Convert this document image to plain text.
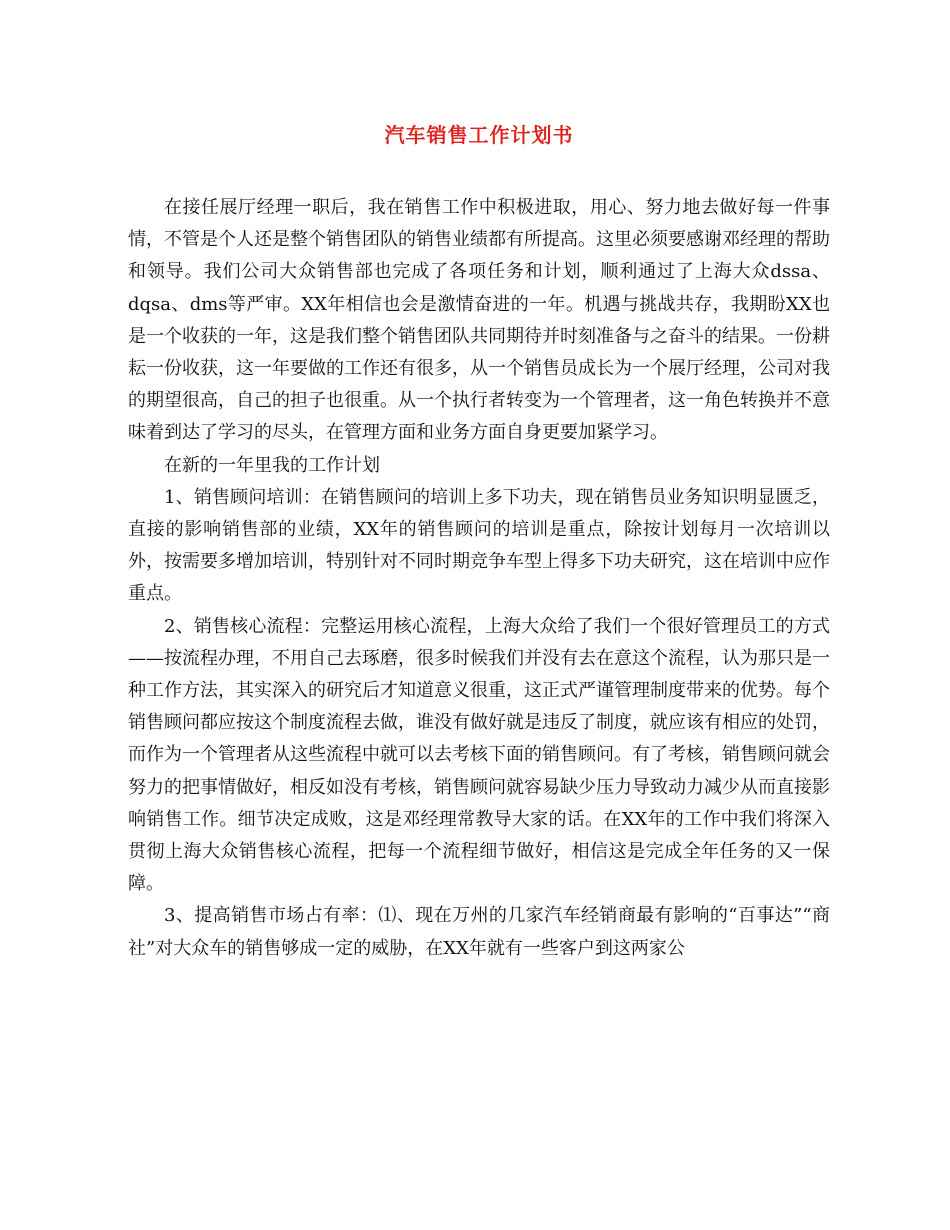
汽车销售工作计划书

在接任展厅经理一职后，我在销售工作中积极进取，用心、努力地去做好每一件事情，不管是个人还是整个销售团队的销售业绩都有所提高。这里必须要感谢邓经理的帮助和领导。我们公司大众销售部也完成了各项任务和计划，顺利通过了上海大众dssa、dqsa、dms等严审。XX年相信也会是激情奋进的一年。机遇与挑战共存，我期盼XX也是一个收获的一年，这是我们整个销售团队共同期待并时刻准备与之奋斗的结果。一份耕耘一份收获，这一年要做的工作还有很多，从一个销售员成长为一个展厅经理，公司对我的期望很高，自己的担子也很重。从一个执行者转变为一个管理者，这一角色转换并不意味着到达了学习的尽头，在管理方面和业务方面自身更要加紧学习。

在新的一年里我的工作计划

1、销售顾问培训：在销售顾问的培训上多下功夫，现在销售员业务知识明显匮乏，直接的影响销售部的业绩，XX年的销售顾问的培训是重点，除按计划每月一次培训以外，按需要多增加培训，特别针对不同时期竞争车型上得多下功夫研究，这在培训中应作重点。

2、销售核心流程：完整运用核心流程，上海大众给了我们一个很好管理员工的方式——按流程办理，不用自己去琢磨，很多时候我们并没有去在意这个流程，认为那只是一种工作方法，其实深入的研究后才知道意义很重，这正式严谨管理制度带来的优势。每个销售顾问都应按这个制度流程去做，谁没有做好就是违反了制度，就应该有相应的处罚，而作为一个管理者从这些流程中就可以去考核下面的销售顾问。有了考核，销售顾问就会努力的把事情做好，相反如没有考核，销售顾问就容易缺少压力导致动力减少从而直接影响销售工作。细节决定成败，这是邓经理常教导大家的话。在XX年的工作中我们将深入贯彻上海大众销售核心流程，把每一个流程细节做好，相信这是完成全年任务的又一保障。

3、提高销售市场占有率：⑴、现在万州的几家汽车经销商最有影响的“百事达”“商社”对大众车的销售够成一定的威胁，在XX年就有一些客户到这两家公
